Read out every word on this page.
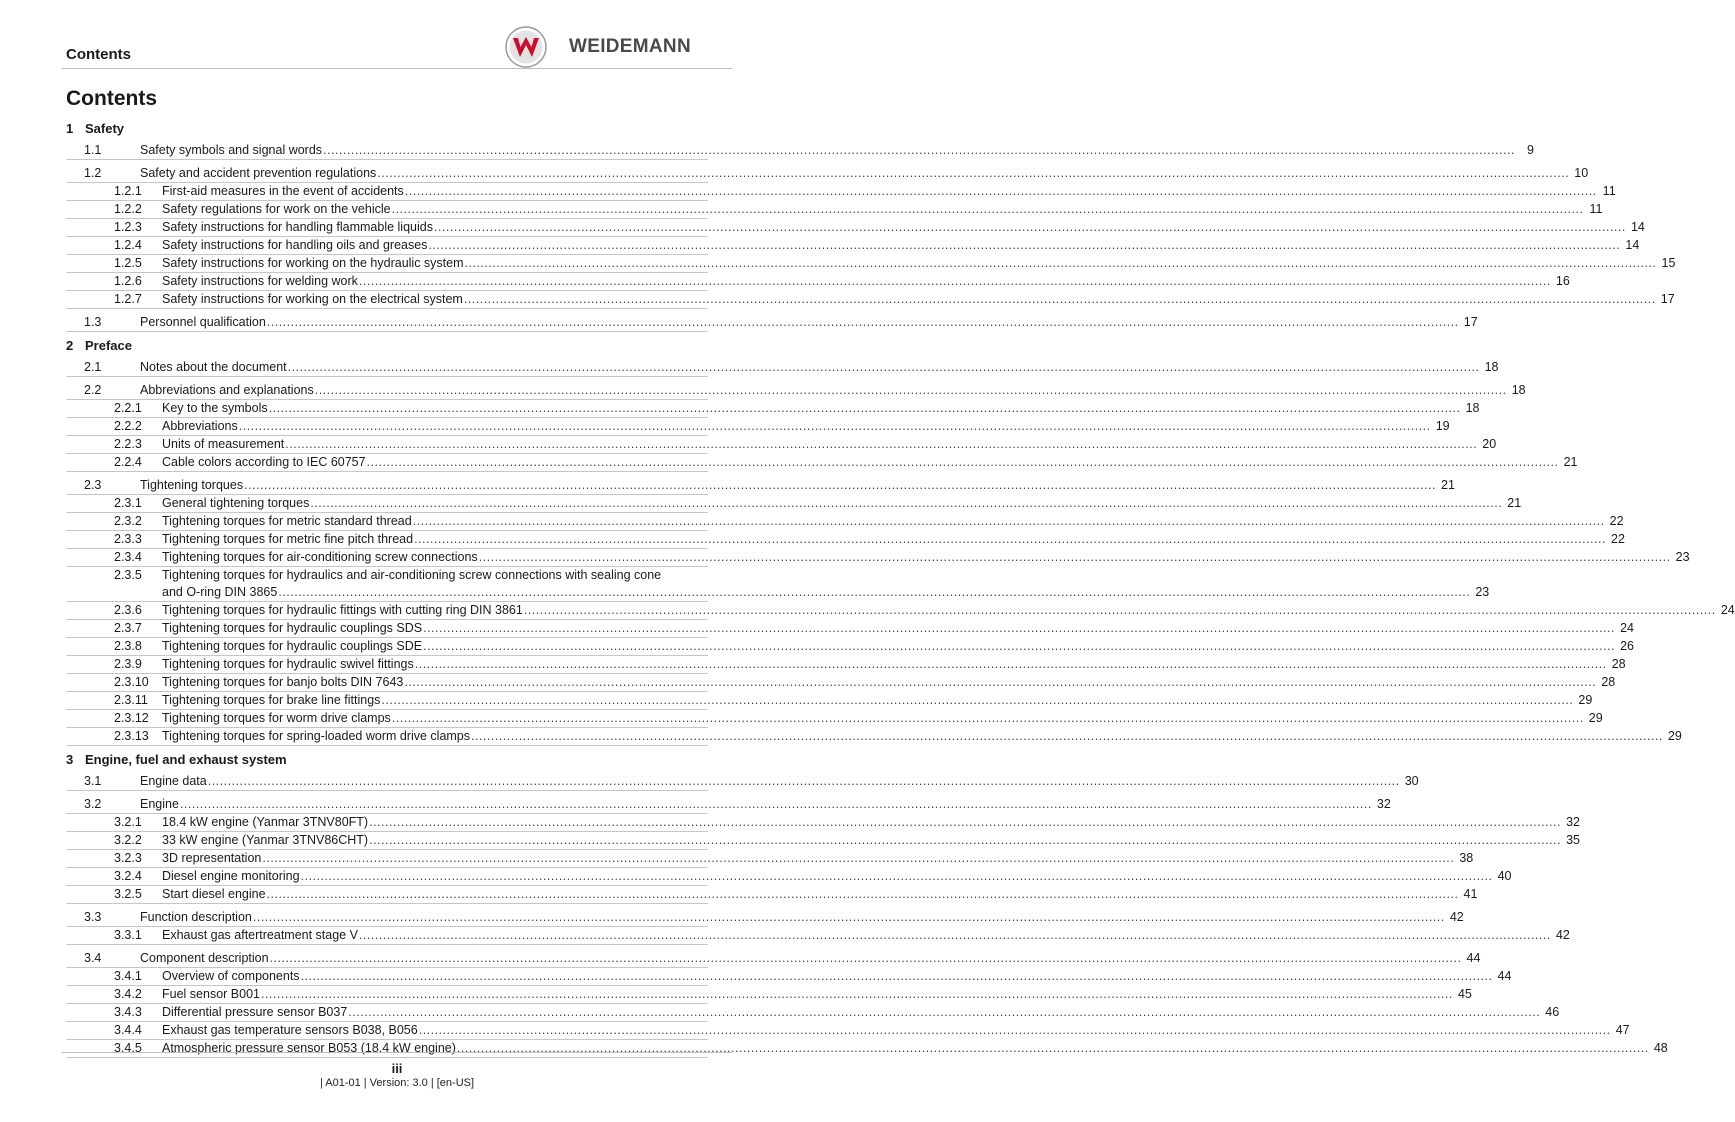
Contents	WEIDEMANN
Contents
1 Safety
1.1	Safety symbols and signal words ............................................................................................................................................................................................................................................................................................................ 9
1.2	Safety and accident prevention regulations ............................................................................................................................................................................................................................................................................................................ 10
1.2.1	First-aid measures in the event of accidents ............................................................................................................................................................................................................................................................................................................ 11
1.2.2	Safety regulations for work on the vehicle ............................................................................................................................................................................................................................................................................................................ 11
1.2.3	Safety instructions for handling flammable liquids ............................................................................................................................................................................................................................................................................................................ 14
1.2.4	Safety instructions for handling oils and greases ............................................................................................................................................................................................................................................................................................................ 14
1.2.5	Safety instructions for working on the hydraulic system ............................................................................................................................................................................................................................................................................................................ 15
1.2.6	Safety instructions for welding work ............................................................................................................................................................................................................................................................................................................ 16
1.2.7	Safety instructions for working on the electrical system ............................................................................................................................................................................................................................................................................................................ 17
1.3	Personnel qualification ............................................................................................................................................................................................................................................................................................................ 17
2 Preface
2.1	Notes about the document ............................................................................................................................................................................................................................................................................................................ 18
2.2	Abbreviations and explanations ............................................................................................................................................................................................................................................................................................................ 18
2.2.1	Key to the symbols ............................................................................................................................................................................................................................................................................................................ 18
2.2.2	Abbreviations ............................................................................................................................................................................................................................................................................................................ 19
2.2.3	Units of measurement ............................................................................................................................................................................................................................................................................................................ 20
2.2.4	Cable colors according to IEC 60757 ............................................................................................................................................................................................................................................................................................................ 21
2.3	Tightening torques ............................................................................................................................................................................................................................................................................................................ 21
2.3.1	General tightening torques ............................................................................................................................................................................................................................................................................................................ 21
2.3.2	Tightening torques for metric standard thread ............................................................................................................................................................................................................................................................................................................ 22
2.3.3	Tightening torques for metric fine pitch thread ............................................................................................................................................................................................................................................................................................................ 22
2.3.4	Tightening torques for air-conditioning screw connections ............................................................................................................................................................................................................................................................................................................ 23
2.3.5	Tightening torques for hydraulics and air-conditioning screw connections with sealing cone
and O-ring DIN 3865 ............................................................................................................................................................................................................................................................................................................ 23
2.3.6	Tightening torques for hydraulic fittings with cutting ring DIN 3861 ............................................................................................................................................................................................................................................................................................................ 24
2.3.7	Tightening torques for hydraulic couplings SDS ............................................................................................................................................................................................................................................................................................................ 24
2.3.8	Tightening torques for hydraulic couplings SDE ............................................................................................................................................................................................................................................................................................................ 26
2.3.9	Tightening torques for hydraulic swivel fittings ............................................................................................................................................................................................................................................................................................................ 28
2.3.10	Tightening torques for banjo bolts DIN 7643 ............................................................................................................................................................................................................................................................................................................ 28
2.3.11	Tightening torques for brake line fittings ............................................................................................................................................................................................................................................................................................................ 29
2.3.12	Tightening torques for worm drive clamps ............................................................................................................................................................................................................................................................................................................ 29
2.3.13	Tightening torques for spring-loaded worm drive clamps ............................................................................................................................................................................................................................................................................................................ 29
3 Engine, fuel and exhaust system
3.1	Engine data ............................................................................................................................................................................................................................................................................................................ 30
3.2	Engine ............................................................................................................................................................................................................................................................................................................ 32
3.2.1	18.4 kW engine (Yanmar 3TNV80FT) ............................................................................................................................................................................................................................................................................................................ 32
3.2.2	33 kW engine (Yanmar 3TNV86CHT) ............................................................................................................................................................................................................................................................................................................ 35
3.2.3	3D representation ............................................................................................................................................................................................................................................................................................................ 38
3.2.4	Diesel engine monitoring ............................................................................................................................................................................................................................................................................................................ 40
3.2.5	Start diesel engine ............................................................................................................................................................................................................................................................................................................ 41
3.3	Function description ............................................................................................................................................................................................................................................................................................................ 42
3.3.1	Exhaust gas aftertreatment stage V ............................................................................................................................................................................................................................................................................................................ 42
3.4	Component description ............................................................................................................................................................................................................................................................................................................ 44
3.4.1	Overview of components ............................................................................................................................................................................................................................................................................................................ 44
3.4.2	Fuel sensor B001 ............................................................................................................................................................................................................................................................................................................ 45
3.4.3	Differential pressure sensor B037 ............................................................................................................................................................................................................................................................................................................ 46
3.4.4	Exhaust gas temperature sensors B038, B056 ............................................................................................................................................................................................................................................................................................................ 47
3.4.5	Atmospheric pressure sensor B053 (18.4 kW engine) ............................................................................................................................................................................................................................................................................................................ 48
iii
| A01-01 | Version: 3.0 | [en-US]
